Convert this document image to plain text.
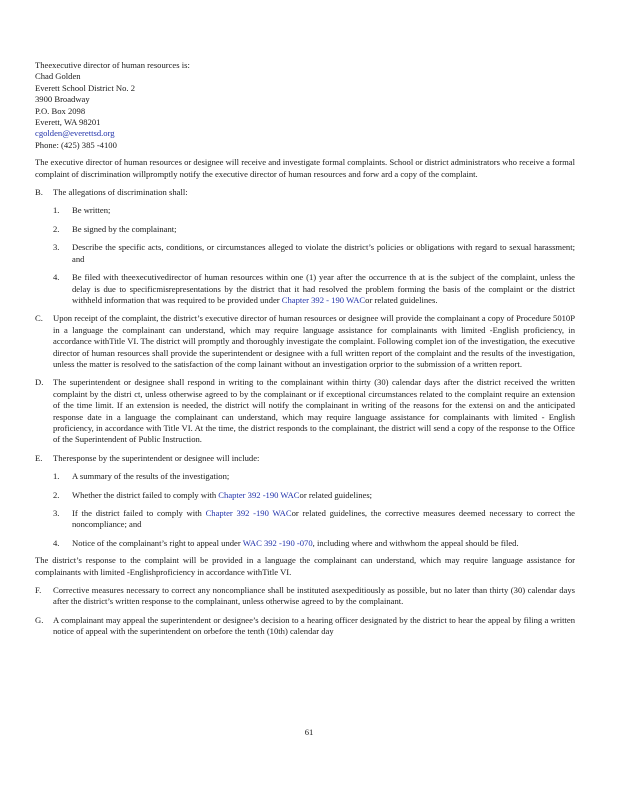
Theexecutive director of human resources is:
Chad Golden
Everett School District No. 2
3900 Broadway
P.O. Box 2098
Everett, WA 98201
cgolden@everettsd.org
Phone: (425) 385 -4100

The executive director of human resources or designee will receive and investigate formal complaints. School or district administrators who receive a formal complaint of discrimination willpromptly notify the executive director of human resources and forw ard a copy of the complaint.

B. The allegations of discrimination shall:
1. Be written;
2. Be signed by the complainant;
3. Describe the specific acts, conditions, or circumstances alleged to violate the district’s policies or obligations with regard to sexual harassment; and
4. Be filed with theexecutivedirector of human resources within one (1) year after the occurrence th at is the subject of the complaint, unless the delay is due to specificmisrepresentations by the district that it had resolved the problem forming the basis of the complaint or the district withheld information that was required to be provided under Chapter 392 - 190 WACor related guidelines.
C. Upon receipt of the complaint, the district’s executive director of human resources or designee will provide the complainant a copy of Procedure 5010P in a language the complainant can understand, which may require language assistance for complainants with limited -English proficiency, in accordance withTitle VI. The district will promptly and thoroughly investigate the complaint. Following complet ion of the investigation, the executive director of human resources shall provide the superintendent or designee with a full written report of the complaint and the results of the investigation, unless the matter is resolved to the satisfaction of the comp lainant without an investigation orprior to the submission of a written report.
D. The superintendent or designee shall respond in writing to the complainant within thirty (30) calendar days after the district received the written complaint by the distri ct, unless otherwise agreed to by the complainant or if exceptional circumstances related to the complaint require an extension of the time limit. If an extension is needed, the district will notify the complainant in writing of the reasons for the extensi on and the anticipated response date in a language the complainant can understand, which may require language assistance for complainants with limited - English proficiency, in accordance with Title VI. At the time, the district responds to the complainant, the district will send a copy of the response to the Office of the Superintendent of Public Instruction.
E. Theresponse by the superintendent or designee will include:
1. A summary of the results of the investigation;
2. Whether the district failed to comply with Chapter 392 -190 WACor related guidelines;
3. If the district failed to comply with Chapter 392 -190 WACor related guidelines, the corrective measures deemed necessary to correct the noncompliance; and
4. Notice of the complainant’s right to appeal under WAC 392 -190 -070, including where and withwhom the appeal should be filed.

The district’s response to the complaint will be provided in a language the complainant can understand, which may require language assistance for complainants with limited -Englishproficiency in accordance withTitle VI.

F. Corrective measures necessary to correct any noncompliance shall be instituted asexpeditiously as possible, but no later than thirty (30) calendar days after the district’s written response to the complainant, unless otherwise agreed to by the complainant.
G. A complainant may appeal the superintendent or designee’s decision to a hearing officer designated by the district to hear the appeal by filing a written notice of appeal with the superintendent on orbefore the tenth (10th) calendar day
61
